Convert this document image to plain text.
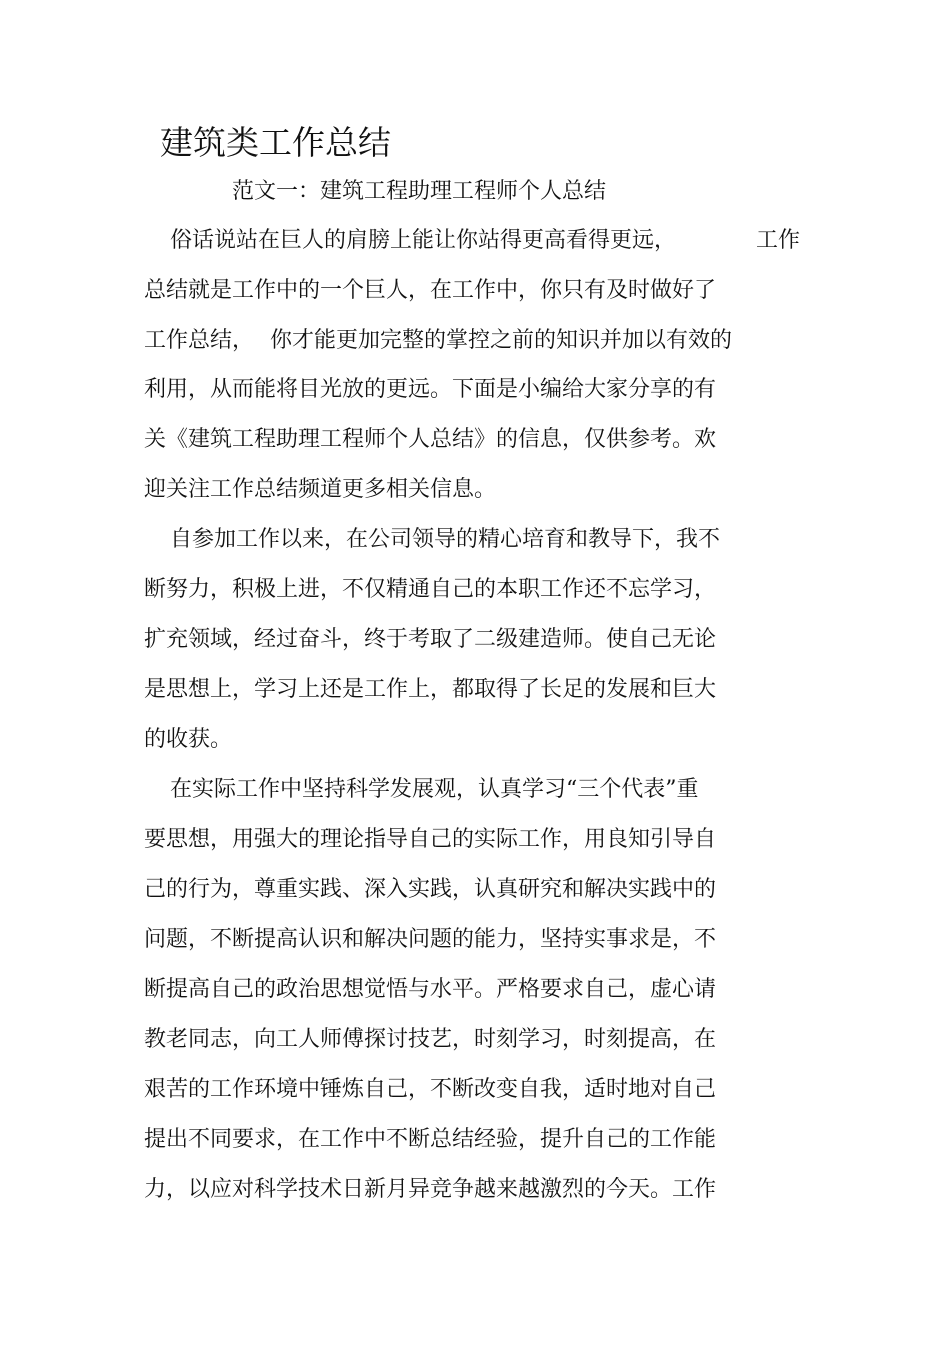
建筑类工作总结
范文一：建筑工程助理工程师个人总结
俗话说站在巨人的肩膀上能让你站得更高看得更远，	工作
总结就是工作中的一个巨人，在工作中，你只有及时做好了
工作总结， 你才能更加完整的掌控之前的知识并加以有效的
利用，从而能将目光放的更远。下面是小编给大家分享的有
关《建筑工程助理工程师个人总结》的信息，仅供参考。欢
迎关注工作总结频道更多相关信息。
自参加工作以来，在公司领导的精心培育和教导下，我不
断努力，积极上进，不仅精通自己的本职工作还不忘学习，
扩充领域，经过奋斗，终于考取了二级建造师。使自己无论
是思想上，学习上还是工作上，都取得了长足的发展和巨大
的收获。
在实际工作中坚持科学发展观，认真学习“三个代表”重
要思想，用强大的理论指导自己的实际工作，用良知引导自
己的行为，尊重实践、深入实践，认真研究和解决实践中的
问题，不断提高认识和解决问题的能力，坚持实事求是，不
断提高自己的政治思想觉悟与水平。严格要求自己，虚心请
教老同志，向工人师傅探讨技艺，时刻学习，时刻提高，在
艰苦的工作环境中锤炼自己，不断改变自我，适时地对自己
提出不同要求，在工作中不断总结经验，提升自己的工作能
力，以应对科学技术日新月异竞争越来越激烈的今天。工作
